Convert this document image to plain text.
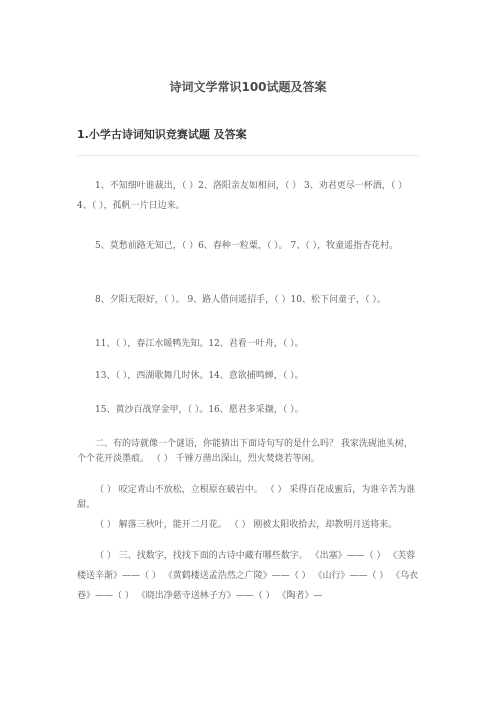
诗词文学常识100试题及答案
1.小学古诗词知识竞赛试题 及答案

1、不知细叶谁裁出，（ ）2、洛阳亲友如相问，（ ） 3、劝君更尽一杯酒，（ ）4、（ ），孤帆一片日边来。

5、莫愁前路无知己，（ ）6、春种一粒粟，（ ）。 7、（ ），牧童遥指杏花村。

8、夕阳无限好，（ ）。 9、路人借问遥招手，（ ）10、松下问童子，（ ）。

11、（ ），春江水暖鸭先知。12、君看一叶舟，（ ）。

13、（ ），西湖歌舞几时休。14、意欲捕鸣蝉，（ ）。

15、黄沙百战穿金甲，（ ）。16、愿君多采撷，（ ）。

二、有的诗就像一个谜语，你能猜出下面诗句写的是什么吗？ 我家洗砚池头树，个个花开淡墨痕。 （ ） 千锤万凿出深山，烈火焚烧若等闲。

（ ） 咬定青山不放松，立根原在破岩中。 （ ） 采得百花成蜜后，为谁辛苦为谁甜。

（ ） 解落三秋叶，能开二月花。 （ ） 刚被太阳收拾去，却教明月送将来。

（ ） 三、找数字，找找下面的古诗中藏有哪些数字。 《出塞》——（ ） 《芙蓉楼送辛渐》——（ ） 《黄鹤楼送孟浩然之广陵》——（ ） 《山行》——（ ） 《乌衣巷》——（ ） 《晓出净慈寺送林子方》——（ ） 《陶者》—
